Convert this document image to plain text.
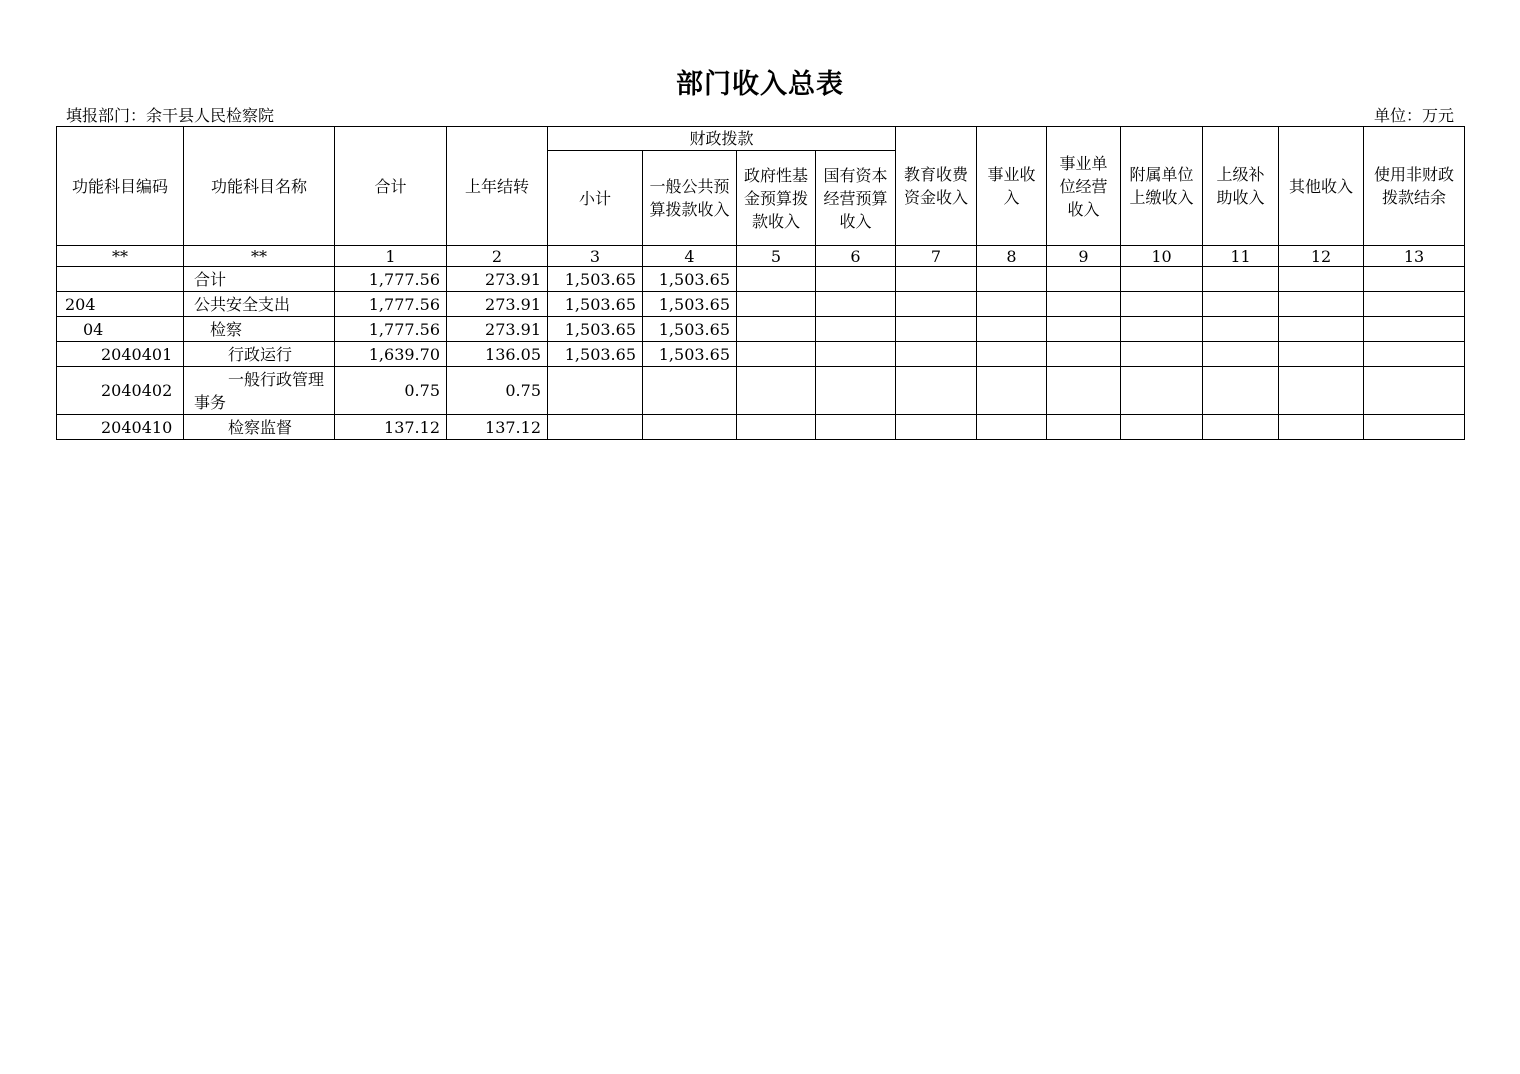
部门收入总表
填报部门：余干县人民检察院	单位：万元
功能科目编码	功能科目名称	合计	上年结转	财政拨款				教育收费资金收入	事业收入	事业单位经营收入	附属单位上缴收入	上级补助收入	其他收入	使用非财政拨款结余
				小计	一般公共预算拨款收入	政府性基金预算拨款收入	国有资本经营预算收入							
**	**	1	2	3	4	5	6	7	8	9	10	11	12	13
	合计	1,777.56	273.91	1,503.65	1,503.65									
204	公共安全支出	1,777.56	273.91	1,503.65	1,503.65									
04	检察	1,777.56	273.91	1,503.65	1,503.65									
2040401	行政运行	1,639.70	136.05	1,503.65	1,503.65									
2040402	一般行政管理事务	0.75	0.75											
2040410	检察监督	137.12	137.12											
